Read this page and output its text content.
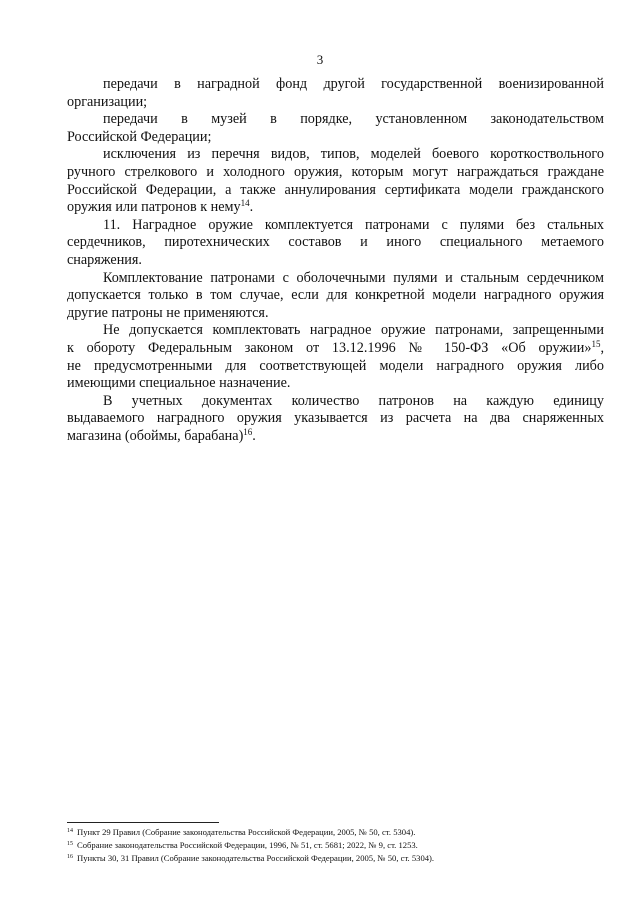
3

передачи в наградной фонд другой государственной военизированной
организации;

передачи в музей в порядке, установленном законодательством
Российской Федерации;

исключения из перечня видов, типов, моделей боевого короткоствольного
ручного стрелкового и холодного оружия, которым могут награждаться граждане
Российской Федерации, а также аннулирования сертификата модели гражданского
оружия или патронов к нему$^{14}$.

11. Наградное оружие комплектуется патронами с пулями без стальных
сердечников, пиротехнических составов и иного специального метаемого
снаряжения.

Комплектование патронами с оболочечными пулями и стальным сердечником
допускается только в том случае, если для конкретной модели наградного оружия
другие патроны не применяются.

Не допускается комплектовать наградное оружие патронами, запрещенными
к обороту Федеральным законом от 13.12.1996 № 150-ФЗ «Об оружии»$^{15}$,
не предусмотренными для соответствующей модели наградного оружия либо
имеющими специальное назначение.

В учетных документах количество патронов на каждую единицу
выдаваемого наградного оружия указывается из расчета на два снаряженных
магазина (обоймы, барабана)$^{16}$.

$^{14}$ Пункт 29 Правил (Собрание законодательства Российской Федерации, 2005, № 50, ст. 5304).

$^{15}$ Собрание законодательства Российской Федерации, 1996, № 51, ст. 5681; 2022, № 9, ст. 1253.

$^{16}$ Пункты 30, 31 Правил (Собрание законодательства Российской Федерации, 2005, № 50, ст. 5304).
